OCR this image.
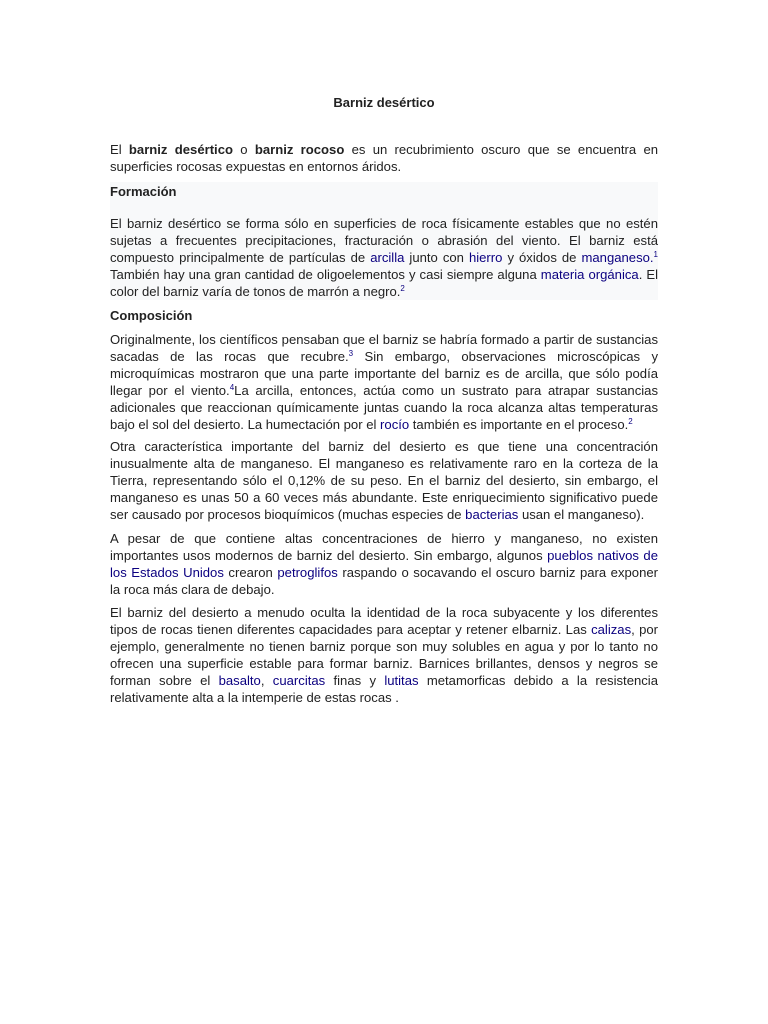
Barniz desértico

El barniz desértico o barniz rocoso es un recubrimiento oscuro que se encuentra en superficies rocosas expuestas en entornos áridos.

Formación

El barniz desértico se forma sólo en superficies de roca físicamente estables que no estén sujetas a frecuentes precipitaciones, fracturación o abrasión del viento. El barniz está compuesto principalmente de partículas de arcilla junto con hierro y óxidos de manganeso.$^1$ También hay una gran cantidad de oligoelementos y casi siempre alguna materia orgánica. El color del barniz varía de tonos de marrón a negro.$^2$

Composición

Originalmente, los científicos pensaban que el barniz se habría formado a partir de sustancias sacadas de las rocas que recubre.$^3$ Sin embargo, observaciones microscópicas y microquímicas mostraron que una parte importante del barniz es de arcilla, que sólo podía llegar por el viento.$^4$La arcilla, entonces, actúa como un sustrato para atrapar sustancias adicionales que reaccionan químicamente juntas cuando la roca alcanza altas temperaturas bajo el sol del desierto. La humectación por el rocío también es importante en el proceso.$^2$

Otra característica importante del barniz del desierto es que tiene una concentración inusualmente alta de manganeso. El manganeso es relativamente raro en la corteza de la Tierra, representando sólo el 0,12% de su peso. En el barniz del desierto, sin embargo, el manganeso es unas 50 a 60 veces más abundante. Este enriquecimiento significativo puede ser causado por procesos bioquímicos (muchas especies de bacterias usan el manganeso).

A pesar de que contiene altas concentraciones de hierro y manganeso, no existen importantes usos modernos de barniz del desierto. Sin embargo, algunos pueblos nativos de los Estados Unidos crearon petroglifos raspando o socavando el oscuro barniz para exponer la roca más clara de debajo.

El barniz del desierto a menudo oculta la identidad de la roca subyacente y los diferentes tipos de rocas tienen diferentes capacidades para aceptar y retener elbarniz. Las calizas, por ejemplo, generalmente no tienen barniz porque son muy solubles en agua y por lo tanto no ofrecen una superficie estable para formar barniz. Barnices brillantes, densos y negros se forman sobre el basalto, cuarcitas finas y lutitas metamorficas debido a la resistencia relativamente alta a la intemperie de estas rocas .
